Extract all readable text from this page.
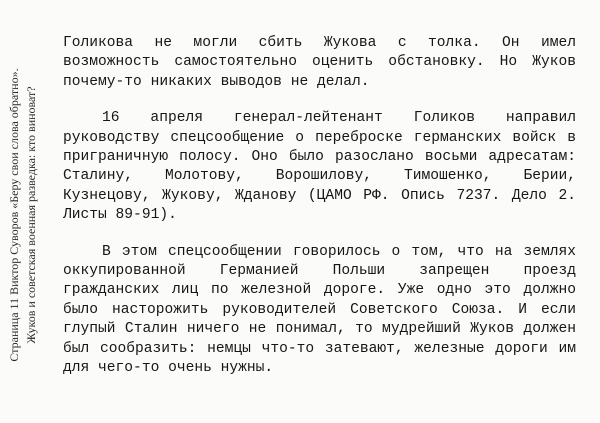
Страница 11 Виктор Суворов «Беру свои слова обратно». Жуков и советская военная разведка: кто виноват?

Голикова не могли сбить Жукова с толка. Он имел возможность самостоятельно оценить обстановку. Но Жуков почему-то никаких выводов не делал.

16 апреля генерал-лейтенант Голиков направил руководству спецсообщение о переброске германских войск в приграничную полосу. Оно было разослано восьми адресатам: Сталину, Молотову, Ворошилову, Тимошенко, Берии, Кузнецову, Жукову, Жданову (ЦАМО РФ. Опись 7237. Дело 2. Листы 89-91).

В этом спецсообщении говорилось о том, что на землях оккупированной Германией Польши запрещен проезд гражданских лиц по железной дороге. Уже одно это должно было насторожить руководителей Советского Союза. И если глупый Сталин ничего не понимал, то мудрейший Жуков должен был сообразить: немцы что-то затевают, железные дороги им для чего-то очень нужны.
